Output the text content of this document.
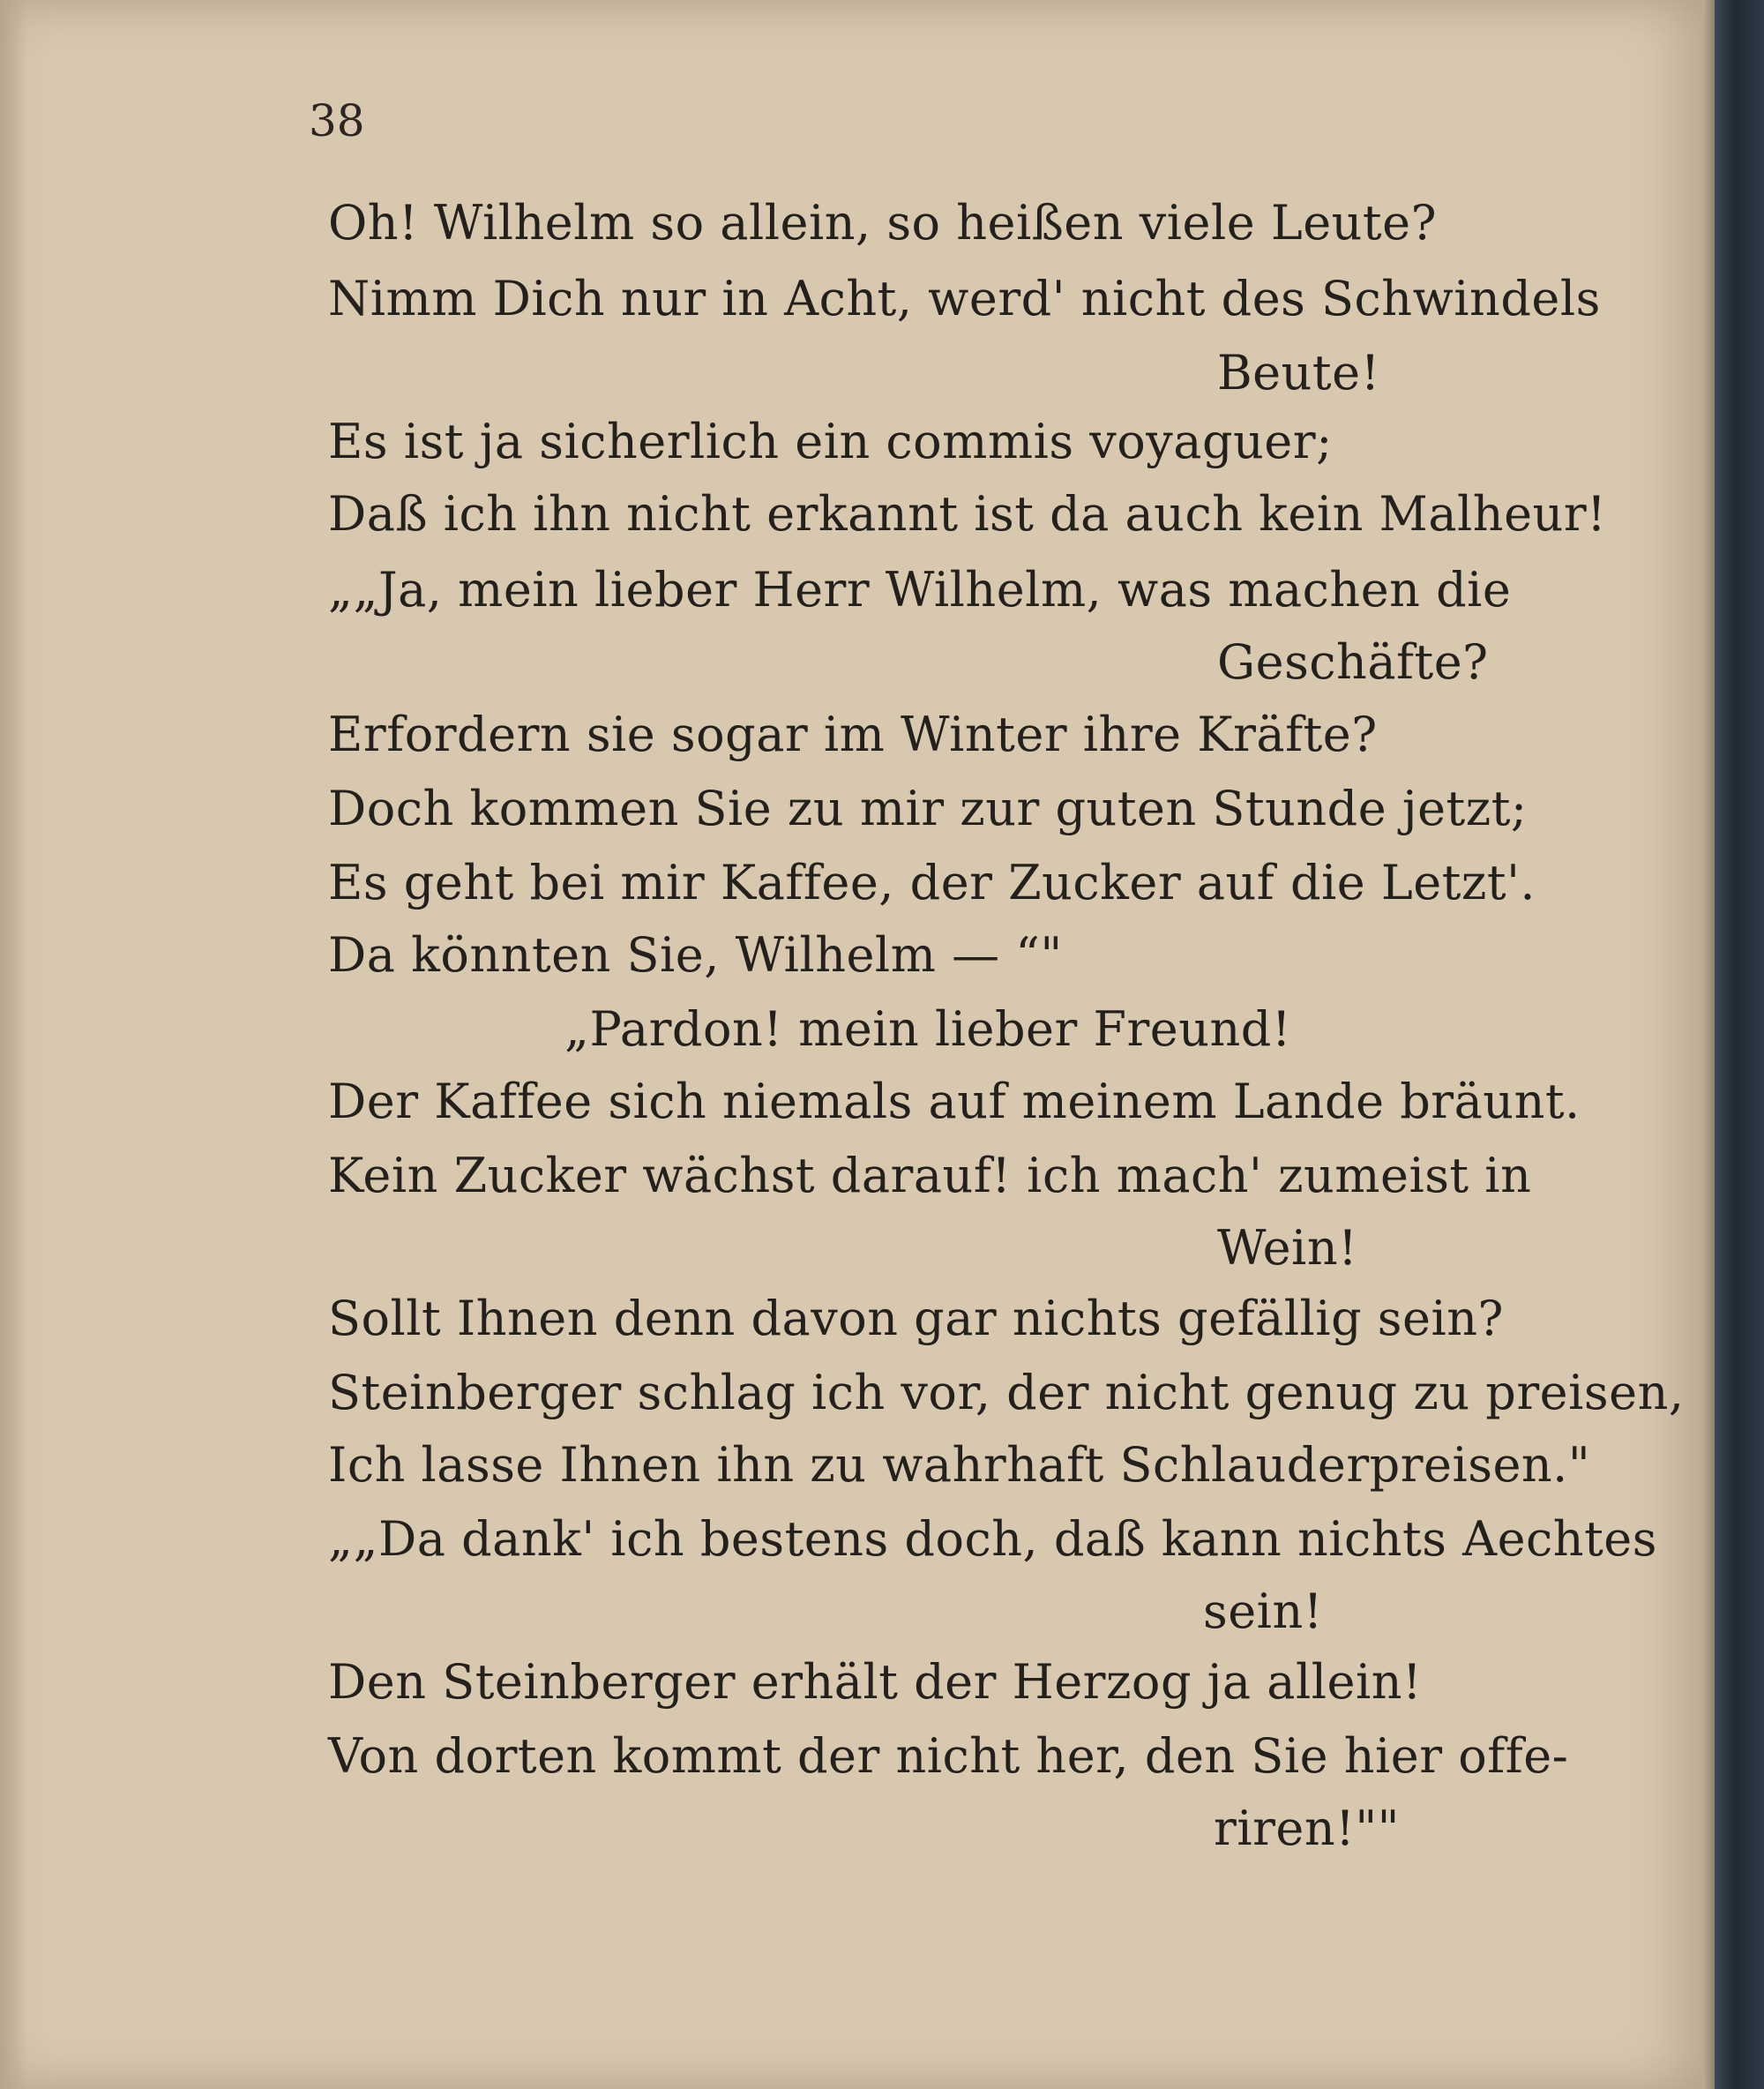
38
Oh! Wilhelm so allein, so heißen viele Leute?
Nimm Dich nur in Acht, werd' nicht des Schwindels
Beute!
Es ist ja sicherlich ein commis voyaguer;
Daß ich ihn nicht erkannt ist da auch kein Malheur!
„„Ja, mein lieber Herr Wilhelm, was machen die
Geschäfte?
Erfordern sie sogar im Winter ihre Kräfte?
Doch kommen Sie zu mir zur guten Stunde jetzt;
Es geht bei mir Kaffee, der Zucker auf die Letzt'.
Da könnten Sie, Wilhelm — “"
„Pardon! mein lieber Freund!
Der Kaffee sich niemals auf meinem Lande bräunt.
Kein Zucker wächst darauf! ich mach' zumeist in
Wein!
Sollt Ihnen denn davon gar nichts gefällig sein?
Steinberger schlag ich vor, der nicht genug zu preisen,
Ich lasse Ihnen ihn zu wahrhaft Schlauderpreisen."
„„Da dank' ich bestens doch, daß kann nichts Aechtes
sein!
Den Steinberger erhält der Herzog ja allein!
Von dorten kommt der nicht her, den Sie hier offe-
riren!""
